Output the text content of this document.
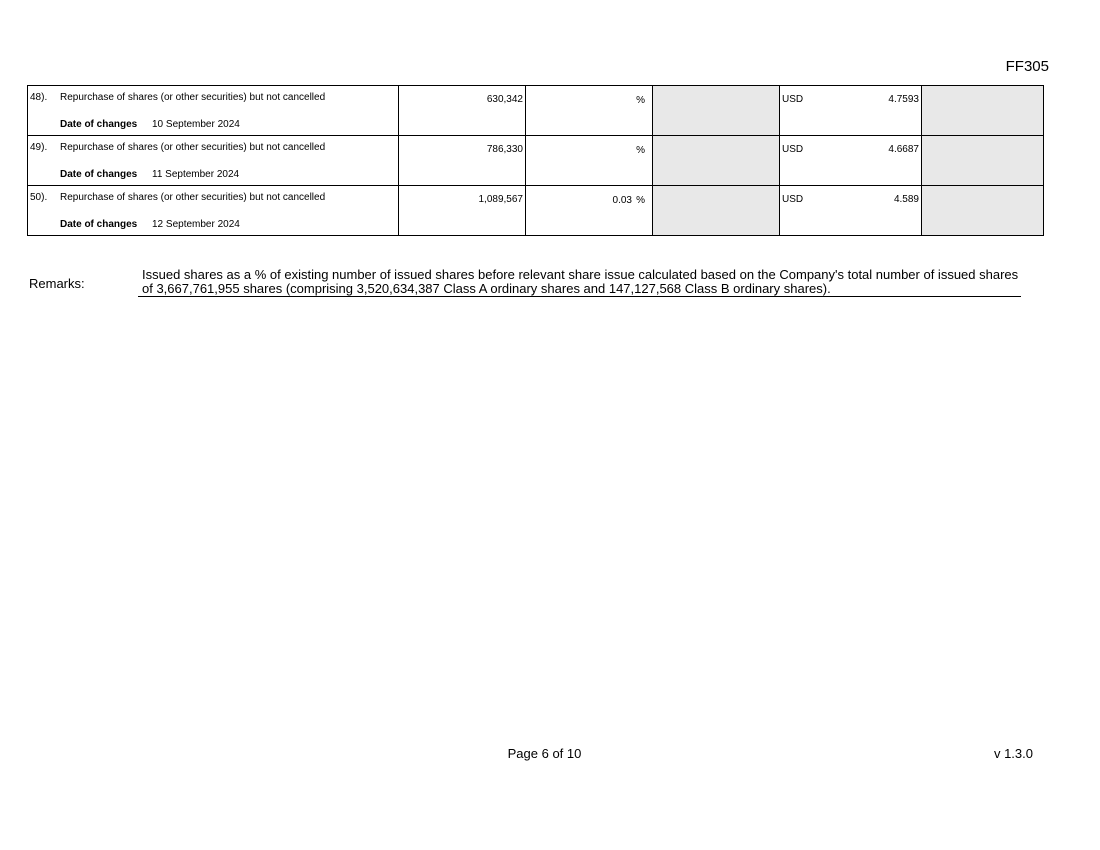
FF305
48). Repurchase of shares (or other securities) but not cancelled
Date of changes 10 September 2024	630,342	%		USD 4.7593	

49). Repurchase of shares (or other securities) but not cancelled
Date of changes 11 September 2024	786,330	%		USD 4.6687	

50). Repurchase of shares (or other securities) but not cancelled
Date of changes 12 September 2024	1,089,567	0.03 %		USD 4.589	

Remarks:
Issued shares as a % of existing number of issued shares before relevant share issue calculated based on the Company's total number of issued shares of 3,667,761,955 shares (comprising 3,520,634,387 Class A ordinary shares and 147,127,568 Class B ordinary shares).
Page 6 of 10	v 1.3.0
